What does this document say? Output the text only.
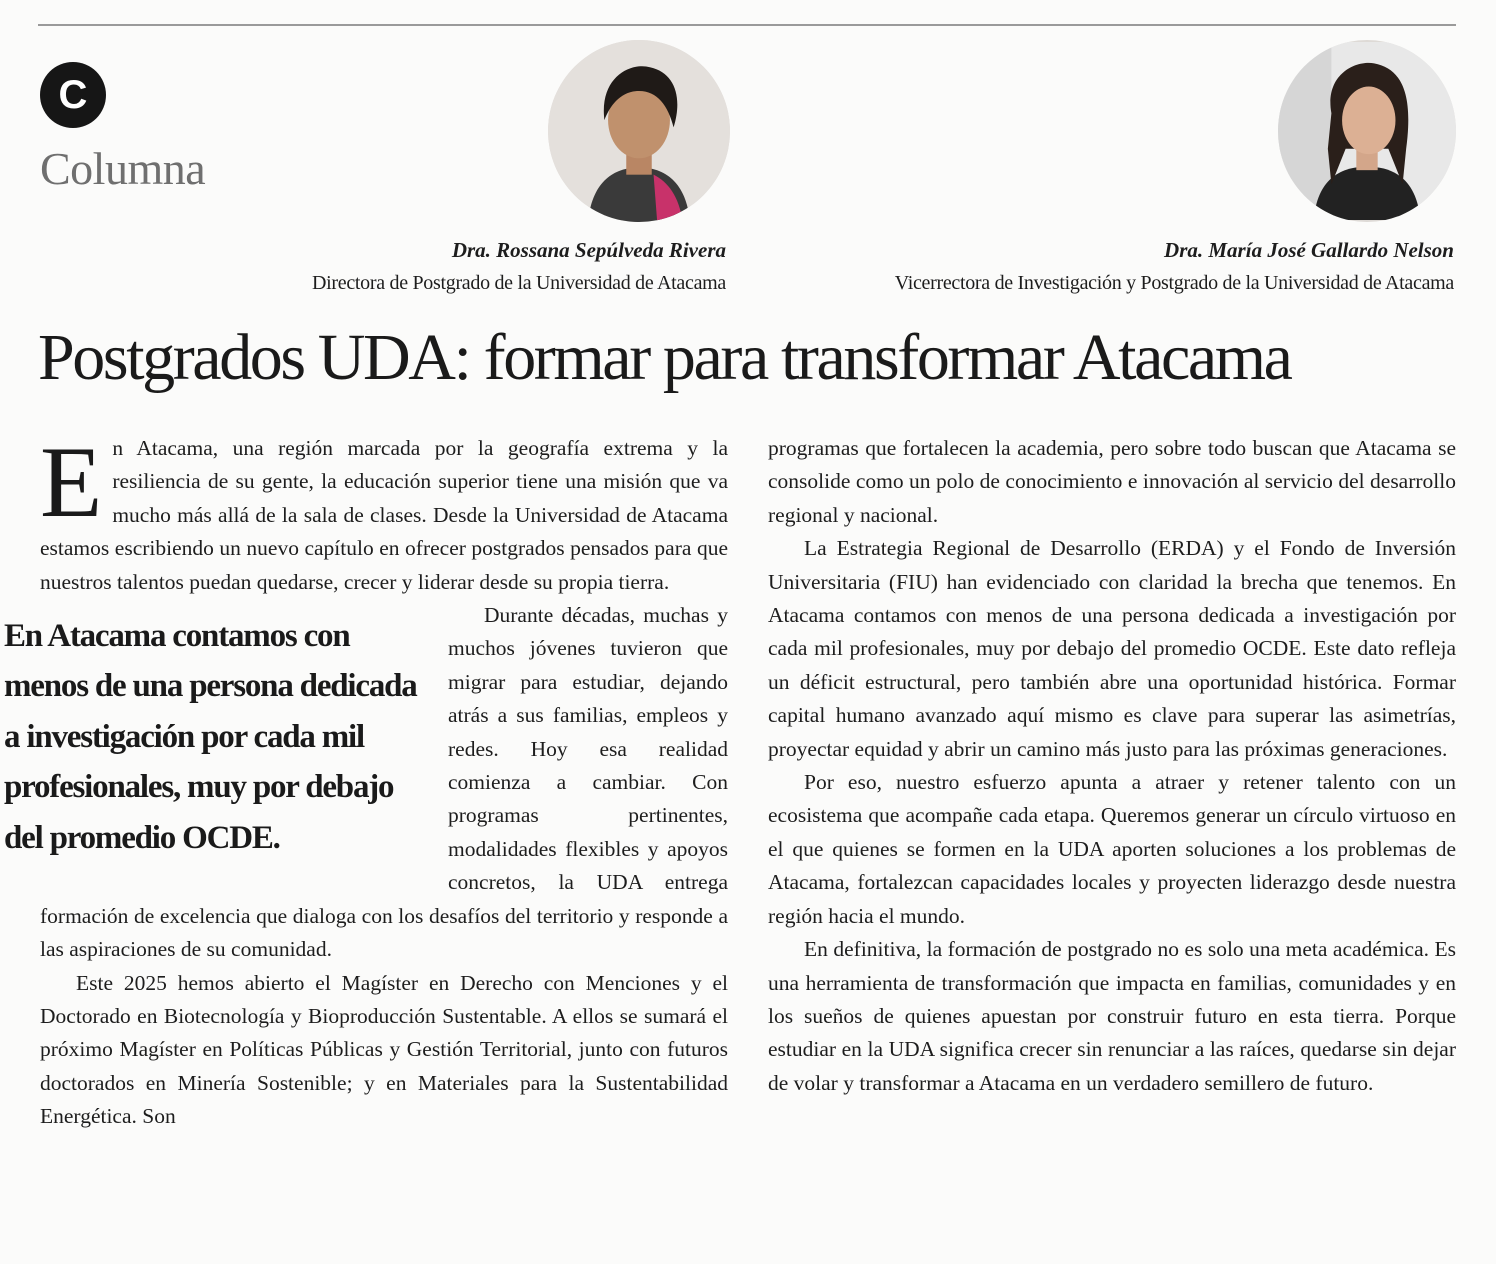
C
Columna
Dra. Rossana Sepúlveda Rivera
Directora de Postgrado de la Universidad de Atacama
Dra. María José Gallardo Nelson
Vicerrectora de Investigación y Postgrado de la Universidad de Atacama
Postgrados UDA: formar para transformar Atacama

En Atacama, una región marcada por la geografía extrema y la resiliencia de su gente, la educación superior tiene una misión que va mucho más allá de la sala de clases. Desde la Universidad de Atacama estamos escribiendo un nuevo capítulo en ofrecer postgrados pensados para que nuestros talentos puedan quedarse, crecer y liderar desde su propia tierra.

En Atacama contamos con menos de una persona dedicada a investigación por cada mil profesionales, muy por debajo del promedio OCDE.
Durante décadas, muchas y muchos jóvenes tuvieron que migrar para estudiar, dejando atrás a sus familias, empleos y redes. Hoy esa realidad comienza a cambiar. Con programas pertinentes, modalidades flexibles y apoyos concretos, la UDA entrega formación de excelencia que dialoga con los desafíos del territorio y responde a las aspiraciones de su comunidad.

Este 2025 hemos abierto el Magíster en Derecho con Menciones y el Doctorado en Biotecnología y Bioproducción Sustentable. A ellos se sumará el próximo Magíster en Políticas Públicas y Gestión Territorial, junto con futuros doctorados en Minería Sostenible; y en Materiales para la Sustentabilidad Energética. Son

programas que fortalecen la academia, pero sobre todo buscan que Atacama se consolide como un polo de conocimiento e innovación al servicio del desarrollo regional y nacional.

La Estrategia Regional de Desarrollo (ERDA) y el Fondo de Inversión Universitaria (FIU) han evidenciado con claridad la brecha que tenemos. En Atacama contamos con menos de una persona dedicada a investigación por cada mil profesionales, muy por debajo del promedio OCDE. Este dato refleja un déficit estructural, pero también abre una oportunidad histórica. Formar capital humano avanzado aquí mismo es clave para superar las asimetrías, proyectar equidad y abrir un camino más justo para las próximas generaciones.

Por eso, nuestro esfuerzo apunta a atraer y retener talento con un ecosistema que acompañe cada etapa. Queremos generar un círculo virtuoso en el que quienes se formen en la UDA aporten soluciones a los problemas de Atacama, fortalezcan capacidades locales y proyecten liderazgo desde nuestra región hacia el mundo.

En definitiva, la formación de postgrado no es solo una meta académica. Es una herramienta de transformación que impacta en familias, comunidades y en los sueños de quienes apuestan por construir futuro en esta tierra. Porque estudiar en la UDA significa crecer sin renunciar a las raíces, quedarse sin dejar de volar y transformar a Atacama en un verdadero semillero de futuro.
